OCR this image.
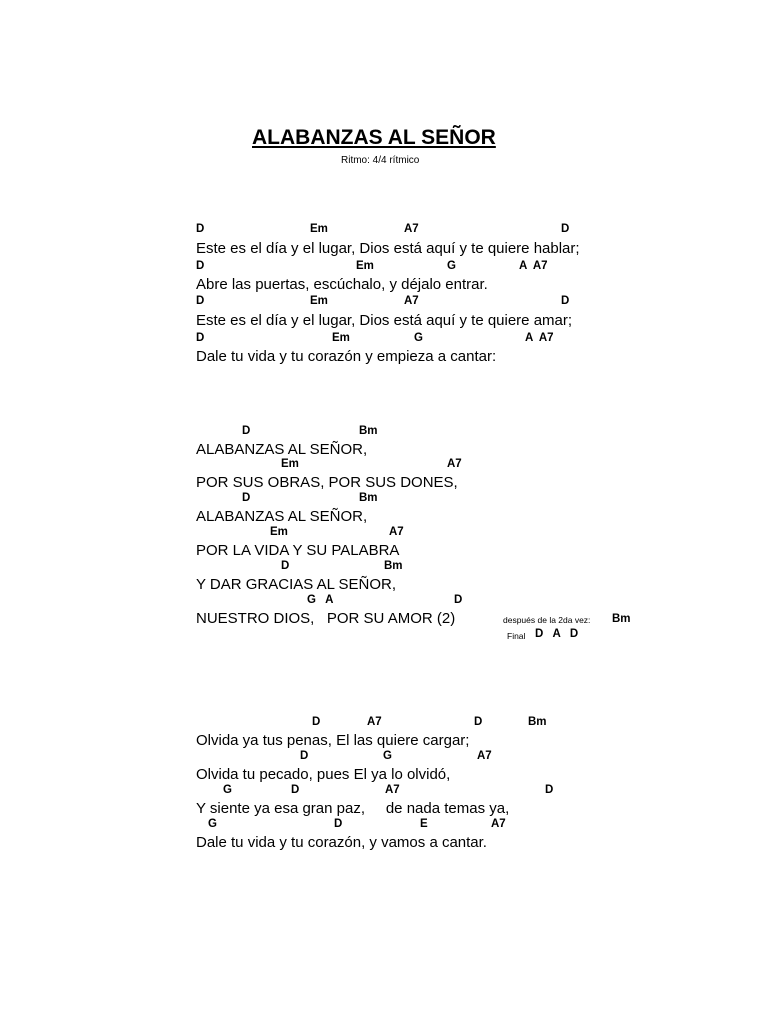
ALABANZAS AL SEÑOR
Ritmo: 4/4 rítmico
D	Em	A7	D
Este es el día y el lugar, Dios está aquí y te quiere hablar;
D	Em	G	A  A7
Abre las puertas, escúchalo, y déjalo entrar.
D	Em	A7	D
Este es el día y el lugar, Dios está aquí y te quiere amar;
D	Em	G	A  A7
Dale tu vida y tu corazón y empieza a cantar:
D	Bm
ALABANZAS AL SEÑOR,
Em	A7
POR SUS OBRAS, POR SUS DONES,
D	Bm
ALABANZAS AL SEÑOR,
Em	A7
POR LA VIDA Y SU PALABRA
D	Bm
Y DAR GRACIAS AL SEÑOR,
G   A	D
NUESTRO DIOS,   POR SU AMOR (2)	después de la 2da vez: Bm
Final D   A   D
D	A7	D	Bm
Olvida ya tus penas, El las quiere cargar;
D	G	A7
Olvida tu pecado, pues El ya lo olvidó,
G	D	A7	D
Y siente ya esa gran paz,     de nada temas ya,
G	D	E	A7
Dale tu vida y tu corazón, y vamos a cantar.
